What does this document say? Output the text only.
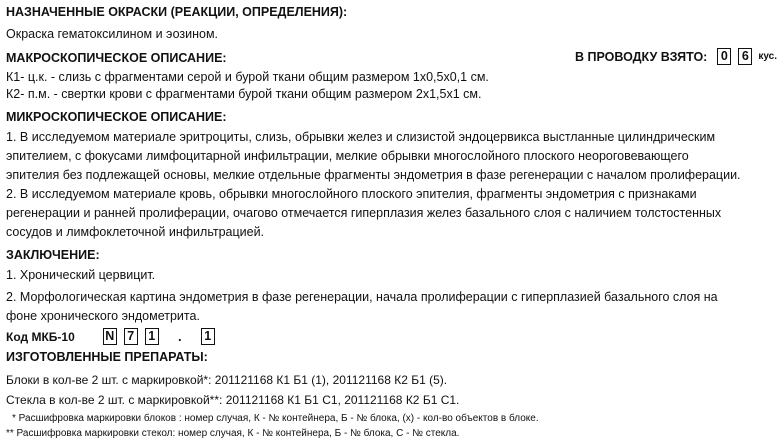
НАЗНАЧЕННЫЕ ОКРАСКИ (РЕАКЦИИ, ОПРЕДЕЛЕНИЯ):
Окраска гематоксилином и эозином.
МАКРОСКОПИЧЕСКОЕ ОПИСАНИЕ:	В ПРОВОДКУ ВЗЯТО: 0 6 кус.
К1- ц.к. - слизь с фрагментами серой и бурой ткани общим размером 1х0,5х0,1 см.
К2- п.м. - свертки крови с фрагментами бурой ткани общим размером 2х1,5х1 см.
МИКРОСКОПИЧЕСКОЕ ОПИСАНИЕ:
1. В исследуемом материале эритроциты, слизь, обрывки желез и слизистой эндоцервикса выстланные цилиндрическим
эпителием, с фокусами лимфоцитарной инфильтрации, мелкие обрывки многослойного плоского неороговевающего
эпителия без подлежащей основы, мелкие отдельные фрагменты эндометрия в фазе регенерации с началом пролиферации.
2. В исследуемом материале кровь, обрывки многослойного плоского эпителия, фрагменты эндометрия с признаками
регенерации и ранней пролиферации, очагово отмечается гиперплазия желез базального слоя с наличием толстостенных
сосудов и лимфоклеточной инфильтрацией.
ЗАКЛЮЧЕНИЕ:
1. Хронический цервицит.
2. Морфологическая картина эндометрия в фазе регенерации, начала пролиферации с гиперплазией базального слоя на
фоне хронического эндометрита.
Код МКБ-10 N 7 1	.	1
ИЗГОТОВЛЕННЫЕ ПРЕПАРАТЫ:
Блоки в кол-ве 2 шт. с маркировкой*: 201121168 К1 Б1 (1), 201121168 К2 Б1 (5).
Стекла в кол-ве 2 шт. с маркировкой**: 201121168 К1 Б1 С1, 201121168 К2 Б1 С1.
* Расшифровка маркировки блоков : номер случая, К - № контейнера, Б - № блока, (х) - кол-во объектов в блоке.
** Расшифровка маркировки стекол: номер случая, К - № контейнера, Б - № блока, С - № стекла.
